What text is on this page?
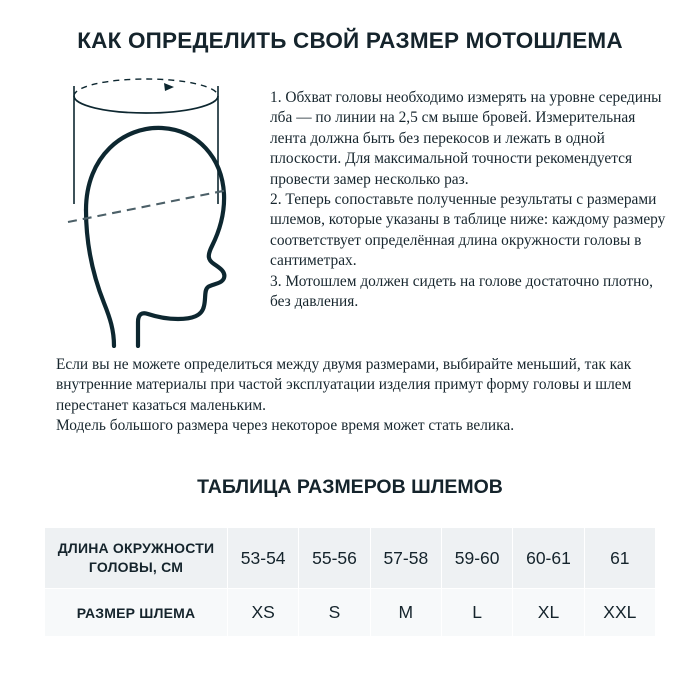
КАК ОПРЕДЕЛИТЬ СВОЙ РАЗМЕР МОТОШЛЕМА

1. Обхват головы необходимо измерять на уровне середины лба — по линии на 2,5 см выше бровей. Измерительная лента должна быть без перекосов и лежать в одной плоскости. Для максимальной точности рекомендуется провести замер несколько раз.

2. Теперь сопоставьте полученные результаты с размерами шлемов, которые указаны в таблице ниже: каждому размеру соответствует определённая длина окружности головы в сантиметрах.

3. Мотошлем должен сидеть на голове достаточно плотно, без давления.

Если вы не можете определиться между двумя размерами, выбирайте меньший, так как внутренние материалы при частой эксплуатации изделия примут форму головы и шлем перестанет казаться маленьким.

Модель большого размера через некоторое время может стать велика.

ТАБЛИЦА РАЗМЕРОВ ШЛЕМОВ
ДЛИНА ОКРУЖНОСТИ ГОЛОВЫ, СМ	53-54	55-56	57-58	59-60	60-61	61
РАЗМЕР ШЛЕМА	XS	S	M	L	XL	XXL
